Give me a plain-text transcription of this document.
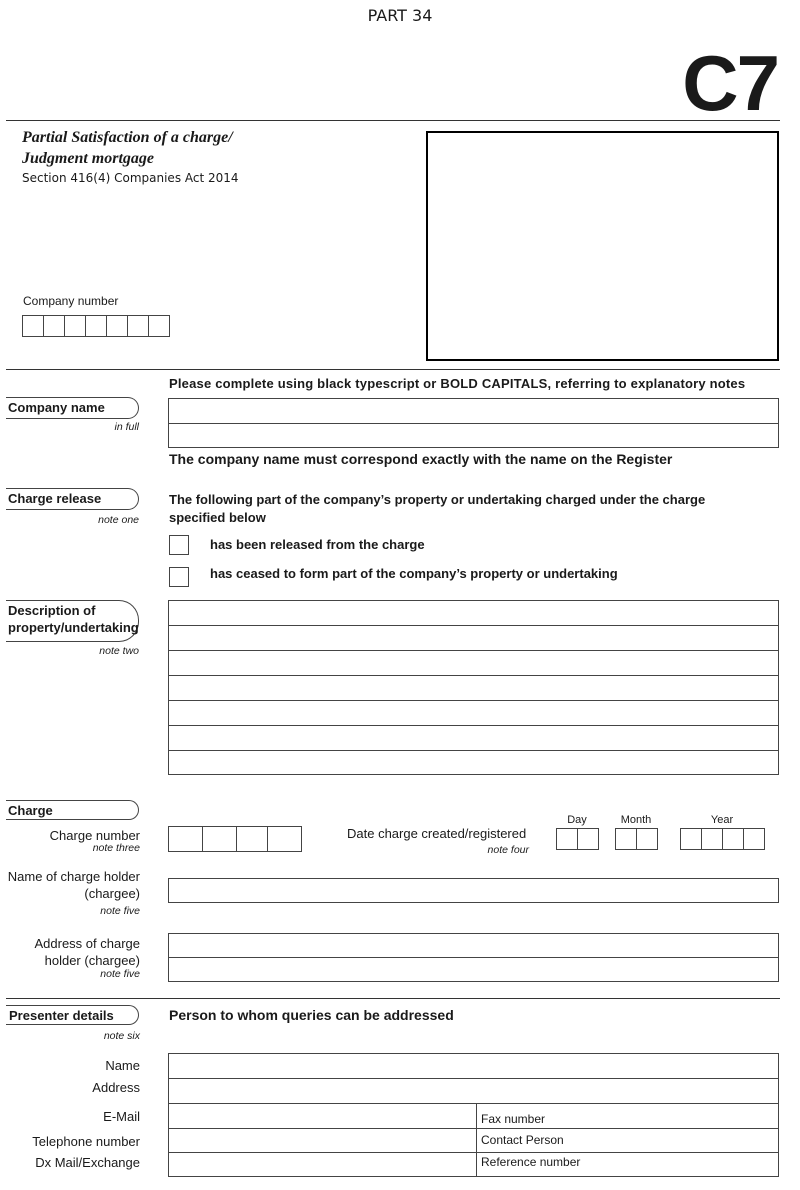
PART 34
C7
Partial Satisfaction of a charge/
Judgment mortgage
Section 416(4) Companies Act 2014
Company number
Please complete using black typescript or BOLD CAPITALS, referring to explanatory notes
Company name
in full
The company name must correspond exactly with the name on the Register
Charge release
note one
The following part of the company’s property or undertaking charged under the charge specified below
has been released from the charge
has ceased to form part of the company’s property or undertaking
Description of
property/undertaking
note two
Charge
Charge number
note three
Date charge created/registered
note four
Day	Month	Year
Name of charge holder
(chargee)
note five
Address of charge
holder (chargee)
note five
Presenter details
note six
Person to whom queries can be addressed
Name
Address
E-Mail
Telephone number
Dx Mail/Exchange
Fax number
Contact Person
Reference number
